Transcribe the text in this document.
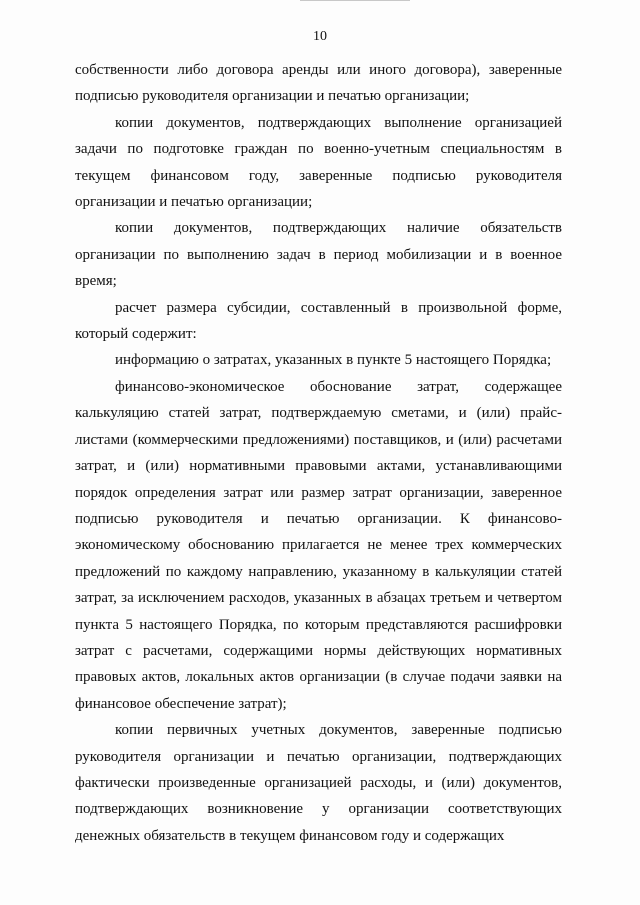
10

собственности либо договора аренды или иного договора), заверенные подписью руководителя организации и печатью организации;

копии документов, подтверждающих выполнение организацией задачи по подготовке граждан по военно-учетным специальностям в текущем финансовом году, заверенные подписью руководителя организации и печатью организации;

копии документов, подтверждающих наличие обязательств организации по выполнению задач в период мобилизации и в военное время;

расчет размера субсидии, составленный в произвольной форме, который содержит:

информацию о затратах, указанных в пункте 5 настоящего Порядка;

финансово-экономическое обоснование затрат, содержащее калькуляцию статей затрат, подтверждаемую сметами, и (или) прайс-листами (коммерческими предложениями) поставщиков, и (или) расчетами затрат, и (или) нормативными правовыми актами, устанавливающими порядок определения затрат или размер затрат организации, заверенное подписью руководителя и печатью организации. К финансово-экономическому обоснованию прилагается не менее трех коммерческих предложений по каждому направлению, указанному в калькуляции статей затрат, за исключением расходов, указанных в абзацах третьем и четвертом пункта 5 настоящего Порядка, по которым представляются расшифровки затрат с расчетами, содержащими нормы действующих нормативных правовых актов, локальных актов организации (в случае подачи заявки на финансовое обеспечение затрат);

копии первичных учетных документов, заверенные подписью руководителя организации и печатью организации, подтверждающих фактически произведенные организацией расходы, и (или) документов, подтверждающих возникновение у организации соответствующих денежных обязательств в текущем финансовом году и содержащих
